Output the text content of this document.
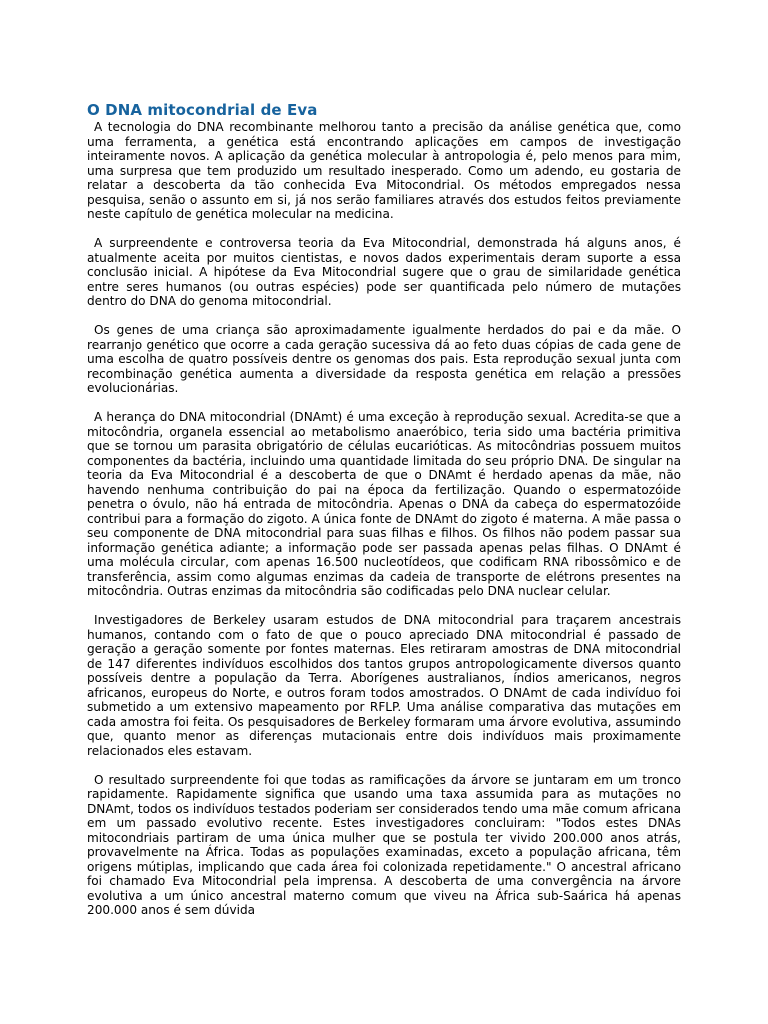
O DNA mitocondrial de Eva

A tecnologia do DNA recombinante melhorou tanto a precisão da análise genética que, como uma ferramenta, a genética está encontrando aplicações em campos de investigação inteiramente novos. A aplicação da genética molecular à antropologia é, pelo menos para mim, uma surpresa que tem produzido um resultado inesperado. Como um adendo, eu gostaria de relatar a descoberta da tão conhecida Eva Mitocondrial. Os métodos empregados nessa pesquisa, senão o assunto em si, já nos serão familiares através dos estudos feitos previamente neste capítulo de genética molecular na medicina.

A surpreendente e controversa teoria da Eva Mitocondrial, demonstrada há alguns anos, é atualmente aceita por muitos cientistas, e novos dados experimentais deram suporte a essa conclusão inicial. A hipótese da Eva Mitocondrial sugere que o grau de similaridade genética entre seres humanos (ou outras espécies) pode ser quantificada pelo número de mutações dentro do DNA do genoma mitocondrial.

Os genes de uma criança são aproximadamente igualmente herdados do pai e da mãe. O rearranjo genético que ocorre a cada geração sucessiva dá ao feto duas cópias de cada gene de uma escolha de quatro possíveis dentre os genomas dos pais. Esta reprodução sexual junta com recombinação genética aumenta a diversidade da resposta genética em relação a pressões evolucionárias.

A herança do DNA mitocondrial (DNAmt) é uma exceção à reprodução sexual. Acredita-se que a mitocôndria, organela essencial ao metabolismo anaeróbico, teria sido uma bactéria primitiva que se tornou um parasita obrigatório de células eucarióticas. As mitocôndrias possuem muitos componentes da bactéria, incluindo uma quantidade limitada do seu próprio DNA. De singular na teoria da Eva Mitocondrial é a descoberta de que o DNAmt é herdado apenas da mãe, não havendo nenhuma contribuição do pai na época da fertilização. Quando o espermatozóide penetra o óvulo, não há entrada de mitocôndria. Apenas o DNA da cabeça do espermatozóide contribui para a formação do zigoto. A única fonte de DNAmt do zigoto é materna. A mãe passa o seu componente de DNA mitocondrial para suas filhas e filhos. Os filhos não podem passar sua informação genética adiante; a informação pode ser passada apenas pelas filhas. O DNAmt é uma molécula circular, com apenas 16.500 nucleotídeos, que codificam RNA ribossômico e de transferência, assim como algumas enzimas da cadeia de transporte de elétrons presentes na mitocôndria. Outras enzimas da mitocôndria são codificadas pelo DNA nuclear celular.

Investigadores de Berkeley usaram estudos de DNA mitocondrial para traçarem ancestrais humanos, contando com o fato de que o pouco apreciado DNA mitocondrial é passado de geração a geração somente por fontes maternas. Eles retiraram amostras de DNA mitocondrial de 147 diferentes indivíduos escolhidos dos tantos grupos antropologicamente diversos quanto possíveis dentre a população da Terra. Aborígenes australianos, índios americanos, negros africanos, europeus do Norte, e outros foram todos amostrados. O DNAmt de cada indivíduo foi submetido a um extensivo mapeamento por RFLP. Uma análise comparativa das mutações em cada amostra foi feita. Os pesquisadores de Berkeley formaram uma árvore evolutiva, assumindo que, quanto menor as diferenças mutacionais entre dois indivíduos mais proximamente relacionados eles estavam.

O resultado surpreendente foi que todas as ramificações da árvore se juntaram em um tronco rapidamente. Rapidamente significa que usando uma taxa assumida para as mutações no DNAmt, todos os indivíduos testados poderiam ser considerados tendo uma mãe comum africana em um passado evolutivo recente. Estes investigadores concluiram: "Todos estes DNAs mitocondriais partiram de uma única mulher que se postula ter vivido 200.000 anos atrás, provavelmente na África. Todas as populações examinadas, exceto a população africana, têm origens mútiplas, implicando que cada área foi colonizada repetidamente." O ancestral africano foi chamado Eva Mitocondrial pela imprensa. A descoberta de uma convergência na árvore evolutiva a um único ancestral materno comum que viveu na África sub-Saárica há apenas 200.000 anos é sem dúvida
